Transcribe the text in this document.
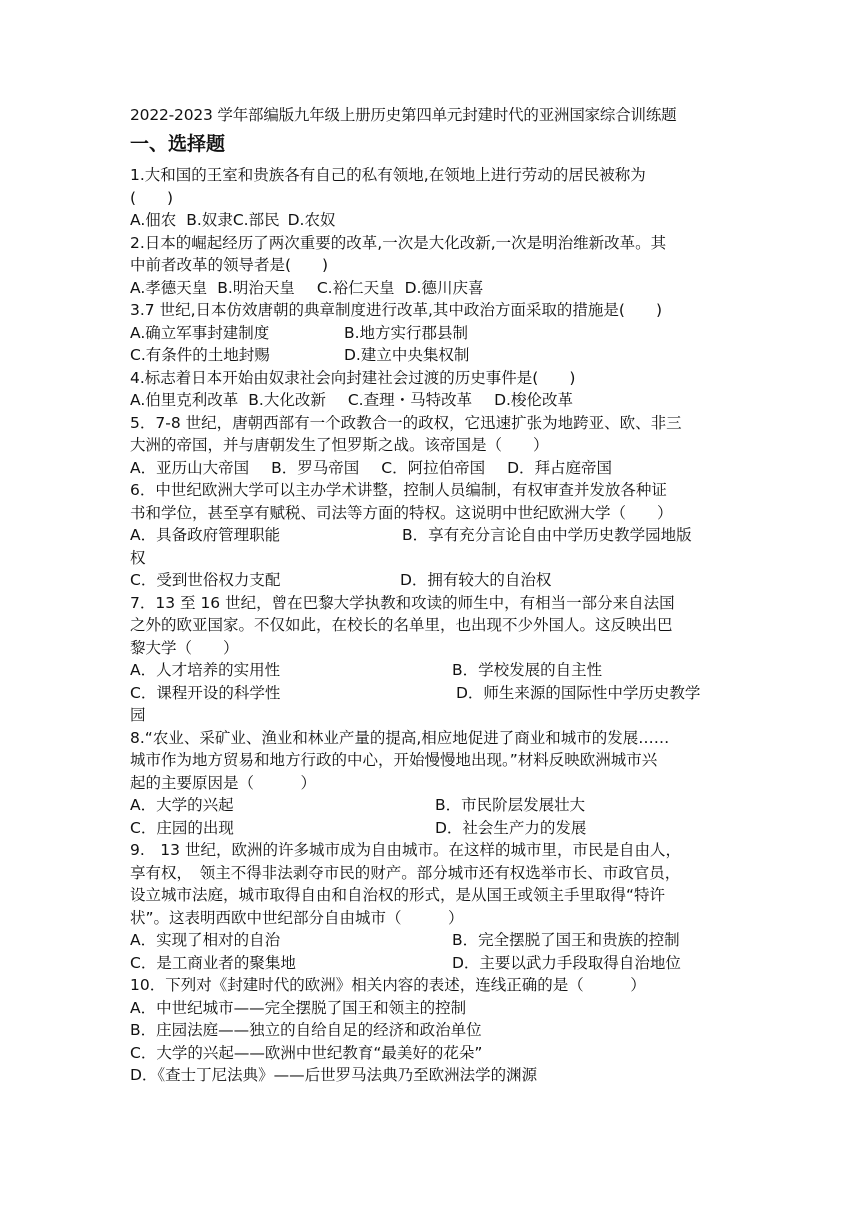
2022-2023 学年部编版九年级上册历史第四单元封建时代的亚洲国家综合训练题

一、选择题

1.大和国的王室和贵族各有自己的私有领地,在领地上进行劳动的居民被称为

(　　)

A.佃农 B.奴隶 C.部民 D.农奴

2.日本的崛起经历了两次重要的改革,一次是大化改新,一次是明治维新改革。其

中前者改革的领导者是(　　)

A.孝德天皇 B.明治天皇 C.裕仁天皇 D.德川庆喜

3.7 世纪,日本仿效唐朝的典章制度进行改革,其中政治方面采取的措施是(　　)

A.确立军事封建制度	B.地方实行郡县制
C.有条件的土地封赐	D.建立中央集权制

4.标志着日本开始由奴隶社会向封建社会过渡的历史事件是(　　)

A.伯里克利改革 B.大化改新 C.查理・马特改革 D.梭伦改革

5．7-8 世纪，唐朝西部有一个政教合一的政权，它迅速扩张为地跨亚、欧、非三

大洲的帝国，并与唐朝发生了怛罗斯之战。该帝国是（　　）

A．亚历山大帝国 B．罗马帝国 C．阿拉伯帝国 D．拜占庭帝国

6．中世纪欧洲大学可以主办学术讲整，控制人员编制，有权审查并发放各种证

书和学位，甚至享有赋税、司法等方面的特权。这说明中世纪欧洲大学（　　）

A．具备政府管理职能	B．享有充分言论自由中学历史教学园地版

权

C．受到世俗权力支配	D．拥有较大的自治权

7．13 至 16 世纪，曾在巴黎大学执教和攻读的师生中，有相当一部分来自法国

之外的欧亚国家。不仅如此，在校长的名单里，也出现不少外国人。这反映出巴

黎大学（　　）

A．人才培养的实用性	B．学校发展的自主性
C．课程开设的科学性	D．师生来源的国际性中学历史教学

园

8.“农业、采矿业、渔业和林业产量的提高,相应地促进了商业和城市的发展……

城市作为地方贸易和地方行政的中心，开始慢慢地出现。”材料反映欧洲城市兴

起的主要原因是（　　　）

A．大学的兴起	B．市民阶层发展壮大
C．庄园的出现	D．社会生产力的发展

9.　13 世纪，欧洲的许多城市成为自由城市。在这样的城市里，市民是自由人，

享有权，　领主不得非法剥夺市民的财产。部分城市还有权选举市长、市政官员，

设立城市法庭，城市取得自由和自治权的形式，是从国王或领主手里取得“特许

状”。这表明西欧中世纪部分自由城市（　　　）

A．实现了相对的自治	B．完全摆脱了国王和贵族的控制
C．是工商业者的聚集地	D．主要以武力手段取得自治地位

10．下列对《封建时代的欧洲》相关内容的表述，连线正确的是（　　　）

A．中世纪城市——完全摆脱了国王和领主的控制

B．庄园法庭——独立的自给自足的经济和政治单位

C．大学的兴起——欧洲中世纪教育“最美好的花朵”

D．《查士丁尼法典》——后世罗马法典乃至欧洲法学的渊源
